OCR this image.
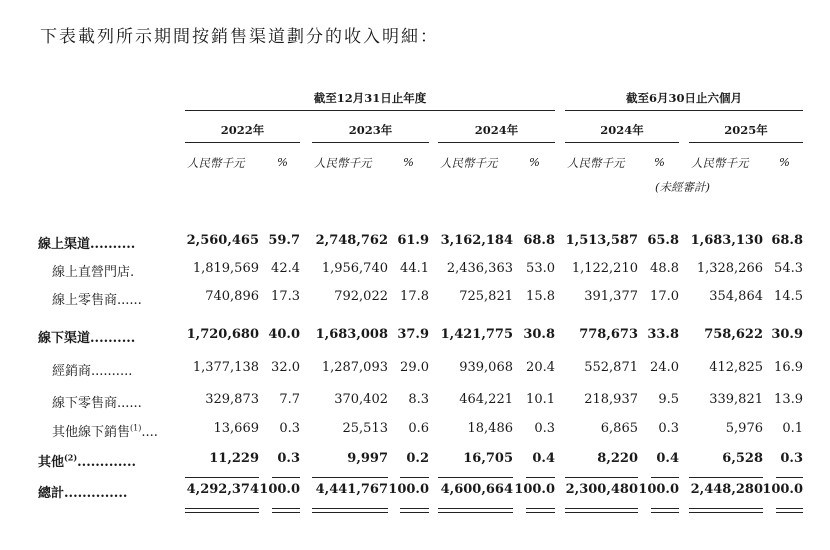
下表載列所示期間按銷售渠道劃分的收入明細：
截至12月31日止年度	截至6月30日止六個月
2022年	2023年	2024年	2024年	2025年
人民幣千元	% 人民幣千元	% 人民幣千元	% 人民幣千元	% 人民幣千元	%
(未經審計)
線上渠道..........	2,560,465 59.7 2,748,762 61.9 3,162,184 68.8 1,513,587 65.8 1,683,130 68.8
線上直營門店.	1,819,569 42.4 1,956,740 44.1 2,436,363 53.0 1,122,210 48.8 1,328,266 54.3
線上零售商......	740,896 17.3	792,022 17.8 725,821 15.8 391,377 17.0 354,864 14.5
線下渠道..........	1,720,680 40.0 1,683,008 37.9 1,421,775 30.8 778,673 33.8 758,622 30.9
經銷商..........	1,377,138 32.0 1,287,093 29.0 939,068 20.4 552,871 24.0 412,825 16.9
線下零售商......	329,873 7.7	370,402 8.3 464,221 10.1 218,937 9.5 339,821 13.9
其他線下銷售$^{(1)}$....	13,669 0.3	25,513 0.6	18,486 0.3	6,865 0.3	5,976 0.1
其他$^{(2)}$.............	11,229 0.3	9,997 0.2	16,705 0.4	8,220 0.4	6,528 0.3
總計..............	4,292,374 100.0 4,441,767 100.0 4,600,664 100.0 2,300,480 100.0 2,448,280 100.0
